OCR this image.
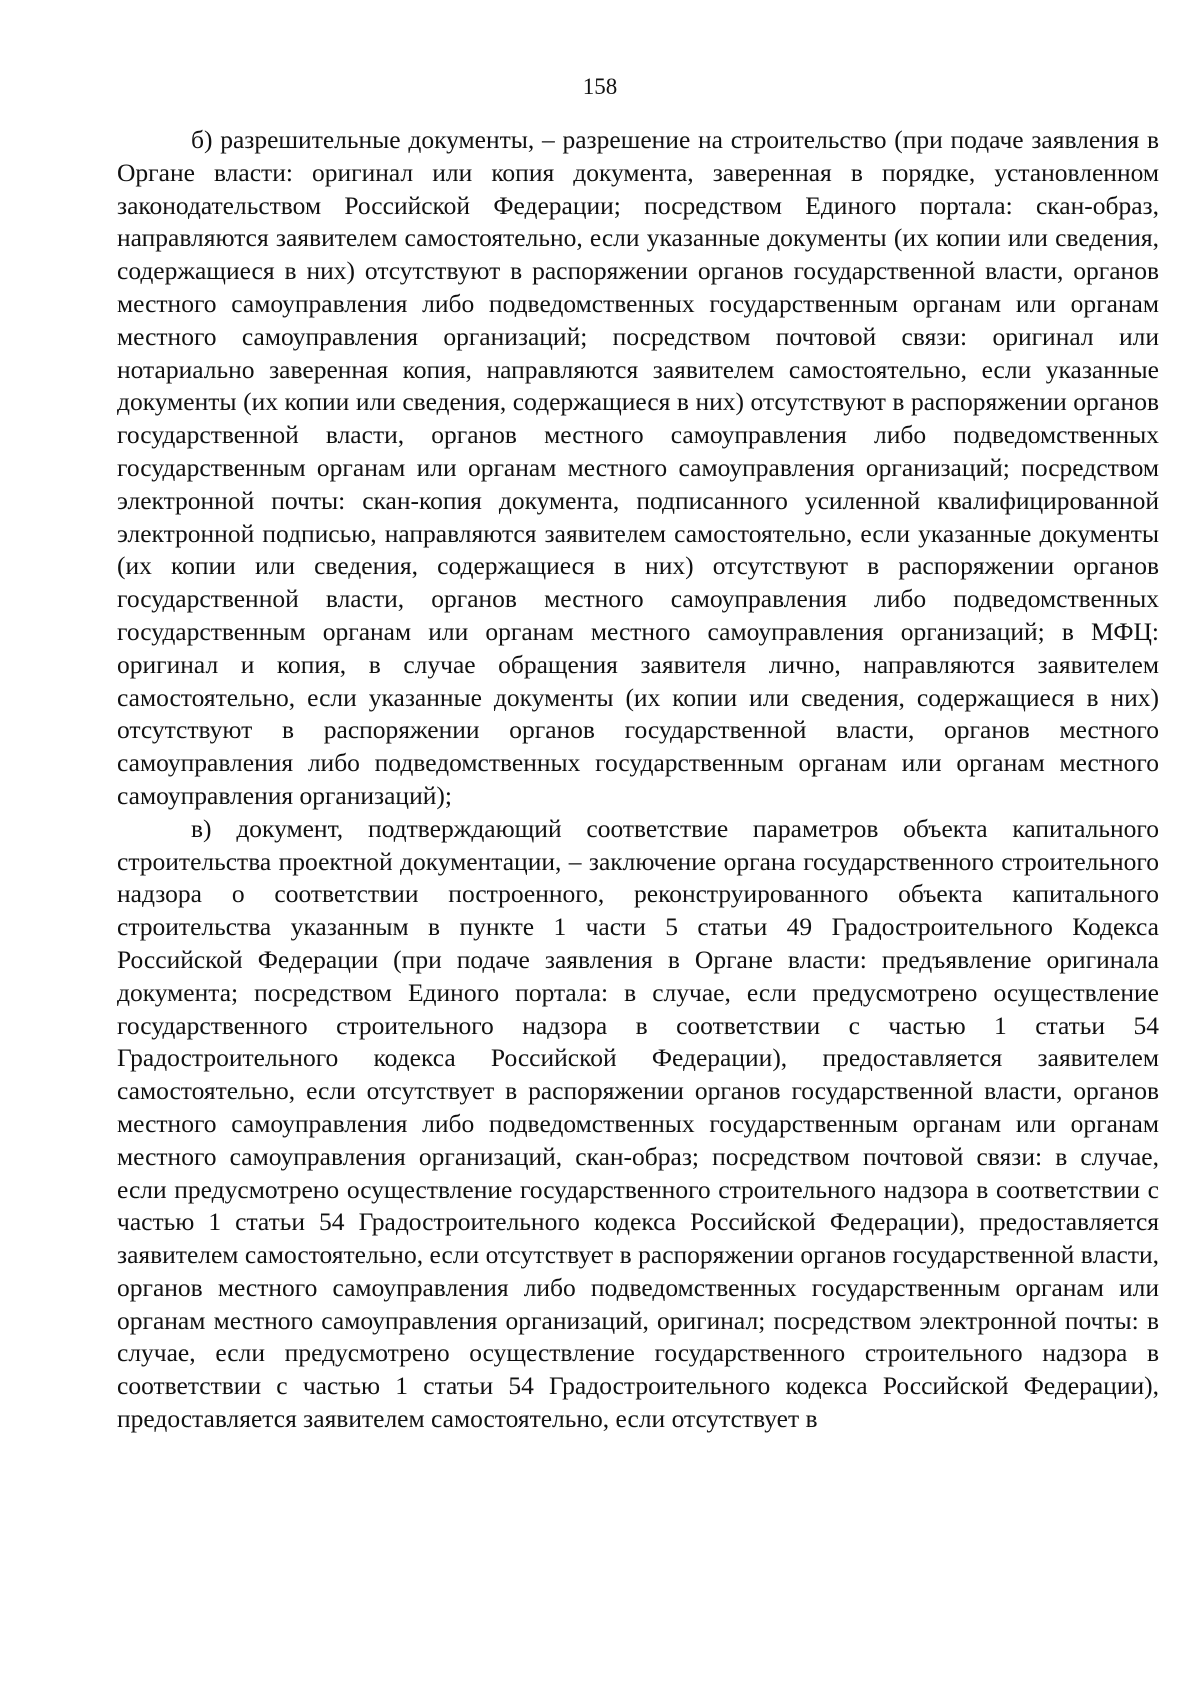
158

б) разрешительные документы, – разрешение на строительство (при подаче заявления в Органе власти: оригинал или копия документа, заверенная в порядке, установленном законодательством Российской Федерации; посредством Единого портала: скан-образ, направляются заявителем самостоятельно, если указанные документы (их копии или сведения, содержащиеся в них) отсутствуют в распоряжении органов государственной власти, органов местного самоуправления либо подведомственных государственным органам или органам местного самоуправления организаций; посредством почтовой связи: оригинал или нотариально заверенная копия, направляются заявителем самостоятельно, если указанные документы (их копии или сведения, содержащиеся в них) отсутствуют в распоряжении органов государственной власти, органов местного самоуправления либо подведомственных государственным органам или органам местного самоуправления организаций; посредством электронной почты: скан-копия документа, подписанного усиленной квалифицированной электронной подписью, направляются заявителем самостоятельно, если указанные документы (их копии или сведения, содержащиеся в них) отсутствуют в распоряжении органов государственной власти, органов местного самоуправления либо подведомственных государственным органам или органам местного самоуправления организаций; в МФЦ: оригинал и копия, в случае обращения заявителя лично, направляются заявителем самостоятельно, если указанные документы (их копии или сведения, содержащиеся в них) отсутствуют в распоряжении органов государственной власти, органов местного самоуправления либо подведомственных государственным органам или органам местного самоуправления организаций);

в) документ, подтверждающий соответствие параметров объекта капитального строительства проектной документации, – заключение органа государственного строительного надзора о соответствии построенного, реконструированного объекта капитального строительства указанным в пункте 1 части 5 статьи 49 Градостроительного Кодекса Российской Федерации (при подаче заявления в Органе власти: предъявление оригинала документа; посредством Единого портала: в случае, если предусмотрено осуществление государственного строительного надзора в соответствии с частью 1 статьи 54 Градостроительного кодекса Российской Федерации), предоставляется заявителем самостоятельно, если отсутствует в распоряжении органов государственной власти, органов местного самоуправления либо подведомственных государственным органам или органам местного самоуправления организаций, скан-образ; посредством почтовой связи: в случае, если предусмотрено осуществление государственного строительного надзора в соответствии с частью 1 статьи 54 Градостроительного кодекса Российской Федерации), предоставляется заявителем самостоятельно, если отсутствует в распоряжении органов государственной власти, органов местного самоуправления либо подведомственных государственным органам или органам местного самоуправления организаций, оригинал; посредством электронной почты: в случае, если предусмотрено осуществление государственного строительного надзора в соответствии с частью 1 статьи 54 Градостроительного кодекса Российской Федерации), предоставляется заявителем самостоятельно, если отсутствует в
